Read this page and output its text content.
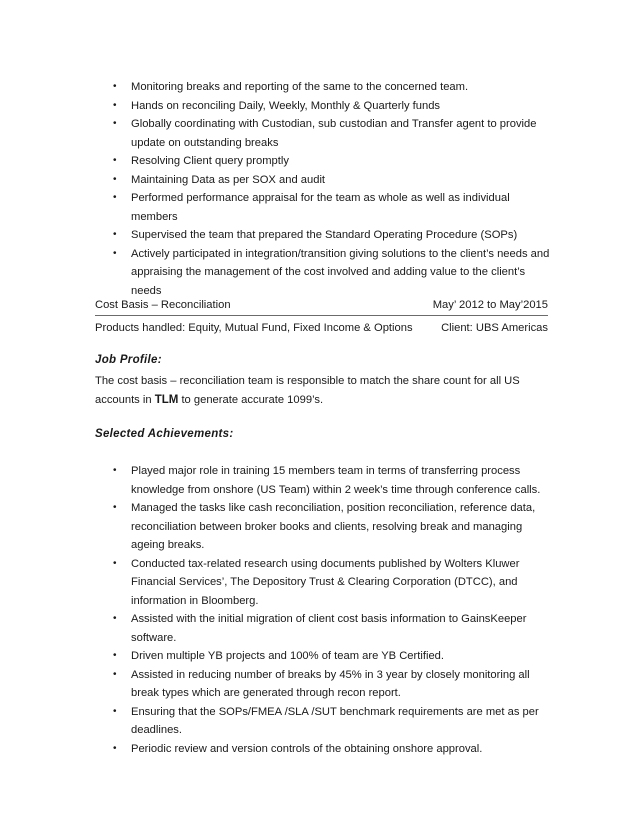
•	Monitoring breaks and reporting of the same to the concerned team.
•	Hands on reconciling Daily, Weekly, Monthly & Quarterly funds
•	Globally coordinating with Custodian, sub custodian and Transfer agent to provide update on outstanding breaks
•	Resolving Client query promptly
•	Maintaining Data as per SOX and audit
•	Performed performance appraisal for the team as whole as well as individual members
•	Supervised the team that prepared the Standard Operating Procedure (SOPs)
•	Actively participated in integration/transition giving solutions to the client’s needs and appraising the management of the cost involved and adding value to the client’s needs
Cost Basis – Reconciliation	May’ 2012 to May’2015
Products handled: Equity, Mutual Fund, Fixed Income & Options	Client: UBS Americas
Job Profile:
The cost basis – reconciliation team is responsible to match the share count for all US accounts in TLM to generate accurate 1099’s.
Selected Achievements:
•	Played major role in training 15 members team in terms of transferring process knowledge from onshore (US Team) within 2 week’s time through conference calls.
•	Managed the tasks like cash reconciliation, position reconciliation, reference data, reconciliation between broker books and clients, resolving break and managing ageing breaks.
•	Conducted tax-related research using documents published by Wolters Kluwer Financial Services’, The Depository Trust & Clearing Corporation (DTCC), and information in Bloomberg.
•	Assisted with the initial migration of client cost basis information to GainsKeeper software.
•	Driven multiple YB projects and 100% of team are YB Certified.
•	Assisted in reducing number of breaks by 45% in 3 year by closely monitoring all break types which are generated through recon report.
•	Ensuring that the SOPs/FMEA /SLA /SUT benchmark requirements are met as per deadlines.
•	Periodic review and version controls of the obtaining onshore approval.
